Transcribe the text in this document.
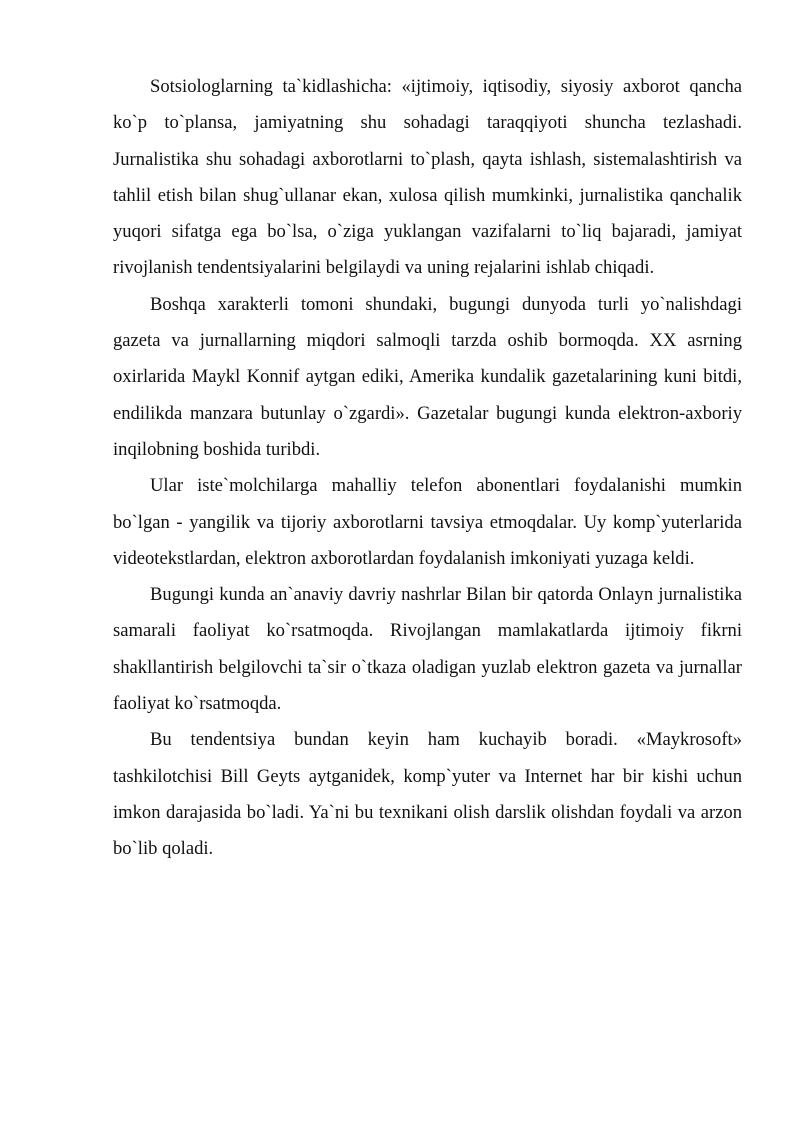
Sotsiologlarning ta`kidlashicha: «ijtimoiy, iqtisodiy, siyosiy axborot qancha ko`p to`plansa, jamiyatning shu sohadagi taraqqiyoti shuncha tezlashadi. Jurnalistika shu sohadagi axborotlarni to`plash, qayta ishlash, sistemalashtirish va tahlil etish bilan shug`ullanar ekan, xulosa qilish mumkinki, jurnalistika qanchalik yuqori sifatga ega bo`lsa, o`ziga yuklangan vazifalarni to`liq bajaradi, jamiyat rivojlanish tendentsiyalarini belgilaydi va uning rejalarini ishlab chiqadi.

Boshqa xarakterli tomoni shundaki, bugungi dunyoda turli yo`nalishdagi gazeta va jurnallarning miqdori salmoqli tarzda oshib bormoqda. XX asrning oxirlarida Maykl Konnif aytgan ediki, Amerika kundalik gazetalarining kuni bitdi, endilikda manzara butunlay o`zgardi». Gazetalar bugungi kunda elektron-axboriy inqilobning boshida turibdi.

Ular iste`molchilarga mahalliy telefon abonentlari foydalanishi mumkin bo`lgan - yangilik va tijoriy axborotlarni tavsiya etmoqdalar. Uy komp`yuterlarida videotekstlardan, elektron axborotlardan foydalanish imkoniyati yuzaga keldi.

Bugungi kunda an`anaviy davriy nashrlar Bilan bir qatorda Onlayn jurnalistika samarali faoliyat ko`rsatmoqda. Rivojlangan mamlakatlarda ijtimoiy fikrni shakllantirish belgilovchi ta`sir o`tkaza oladigan yuzlab elektron gazeta va jurnallar faoliyat ko`rsatmoqda.

Bu tendentsiya bundan keyin ham kuchayib boradi. «Maykrosoft» tashkilotchisi Bill Geyts aytganidek, komp`yuter va Internet har bir kishi uchun imkon darajasida bo`ladi. Ya`ni bu texnikani olish darslik olishdan foydali va arzon bo`lib qoladi.
